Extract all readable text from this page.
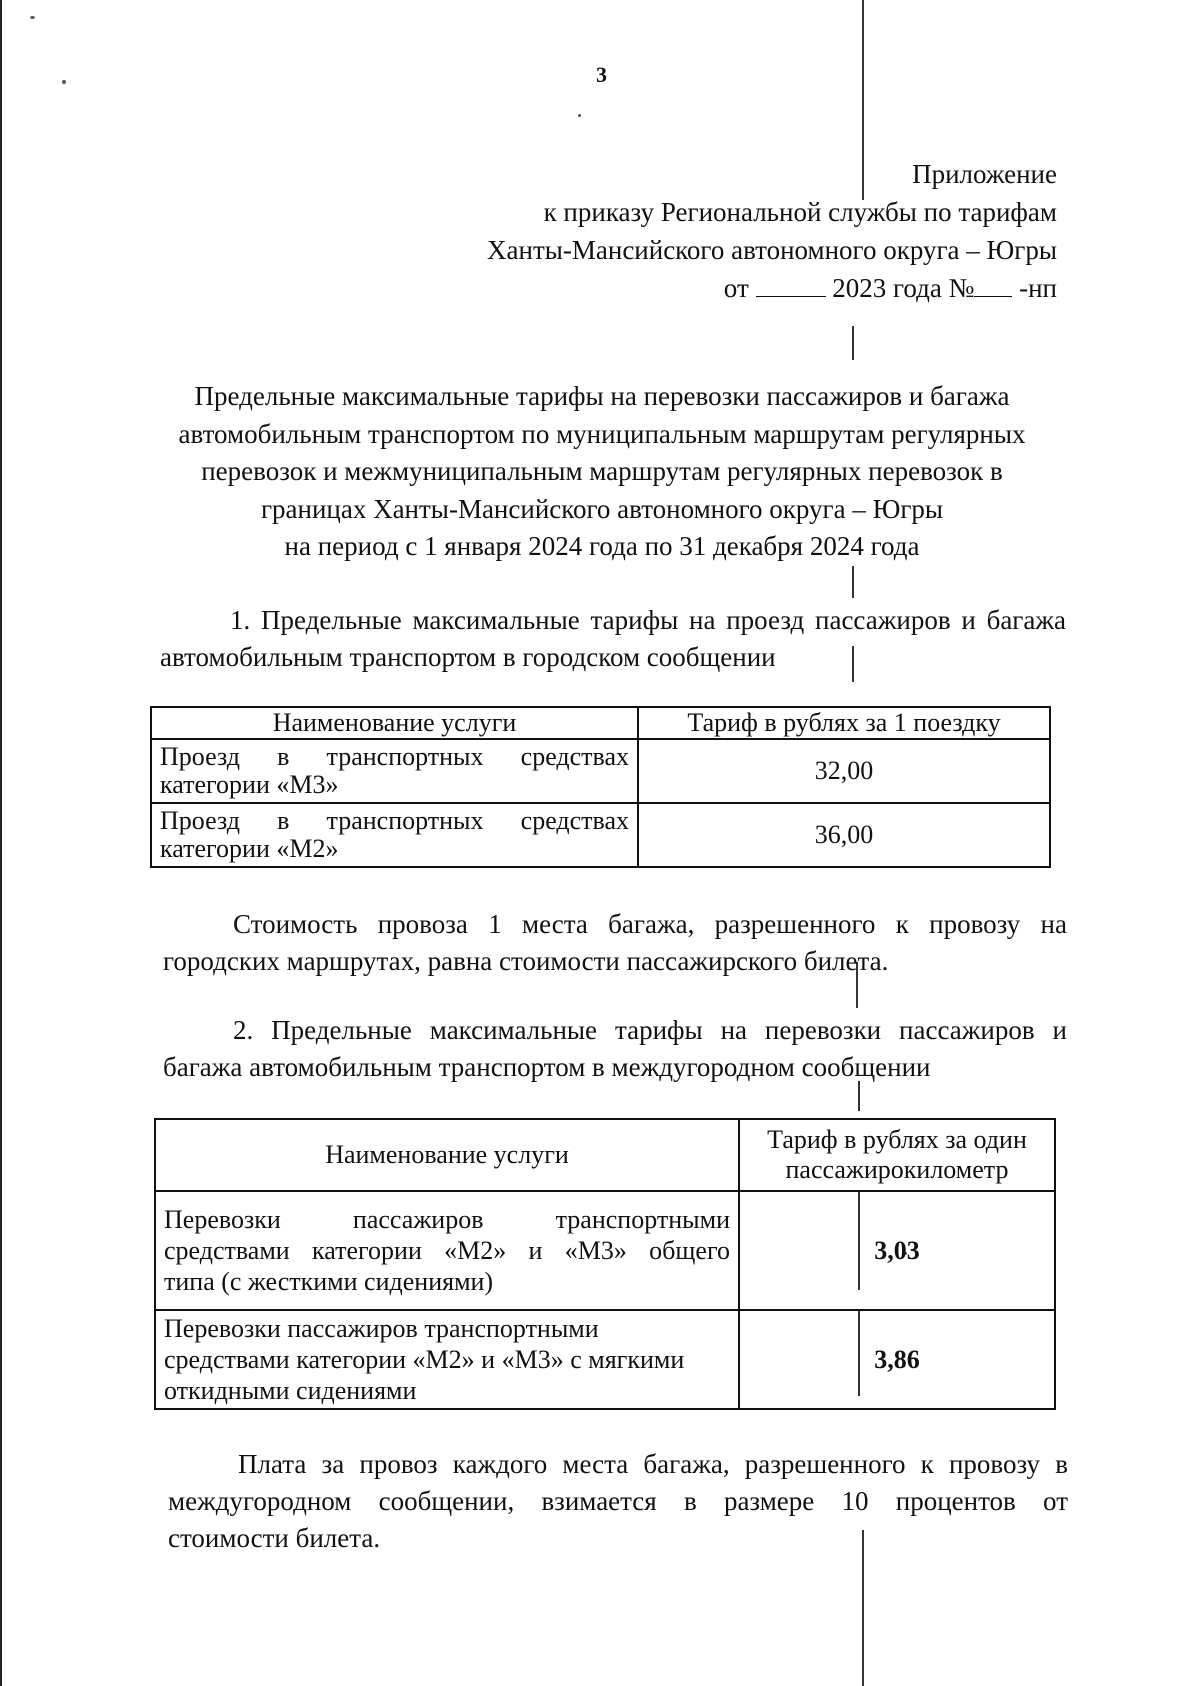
3
Приложение
к приказу Региональной службы по тарифам
Ханты-Мансийского автономного округа – Югры
от	2023 года № -нп
Предельные максимальные тарифы на перевозки пассажиров и багажа
автомобильным транспортом по муниципальным маршрутам регулярных
перевозок и межмуниципальным маршрутам регулярных перевозок в
границах Ханты-Мансийского автономного округа – Югры
на период с 1 января 2024 года по 31 декабря 2024 года
1. Предельные максимальные тарифы на проезд пассажиров и багажа
автомобильным транспортом в городском сообщении
Наименование услуги	Тариф в рублях за 1 поездку

Проезд в транспортных средствах
категории «М3»	32,00

Проезд в транспортных средствах
категории «М2»	36,00
Стоимость провоза 1 места багажа, разрешенного к провозу на
городских маршрутах, равна стоимости пассажирского билета.
2. Предельные максимальные тарифы на перевозки пассажиров и
багажа автомобильным транспортом в междугородном сообщении
Наименование услуги	Тариф в рублях за один
пассажирокилометр

Перевозки пассажиров транспортными
средствами категории «М2» и «М3» общего
типа (с жесткими сидениями)	3,03

Перевозки пассажиров транспортными
средствами категории «М2» и «М3» с мягкими
откидными сидениями	3,86
Плата за провоз каждого места багажа, разрешенного к провозу в
междугородном сообщении, взимается в размере 10 процентов от
стоимости билета.
